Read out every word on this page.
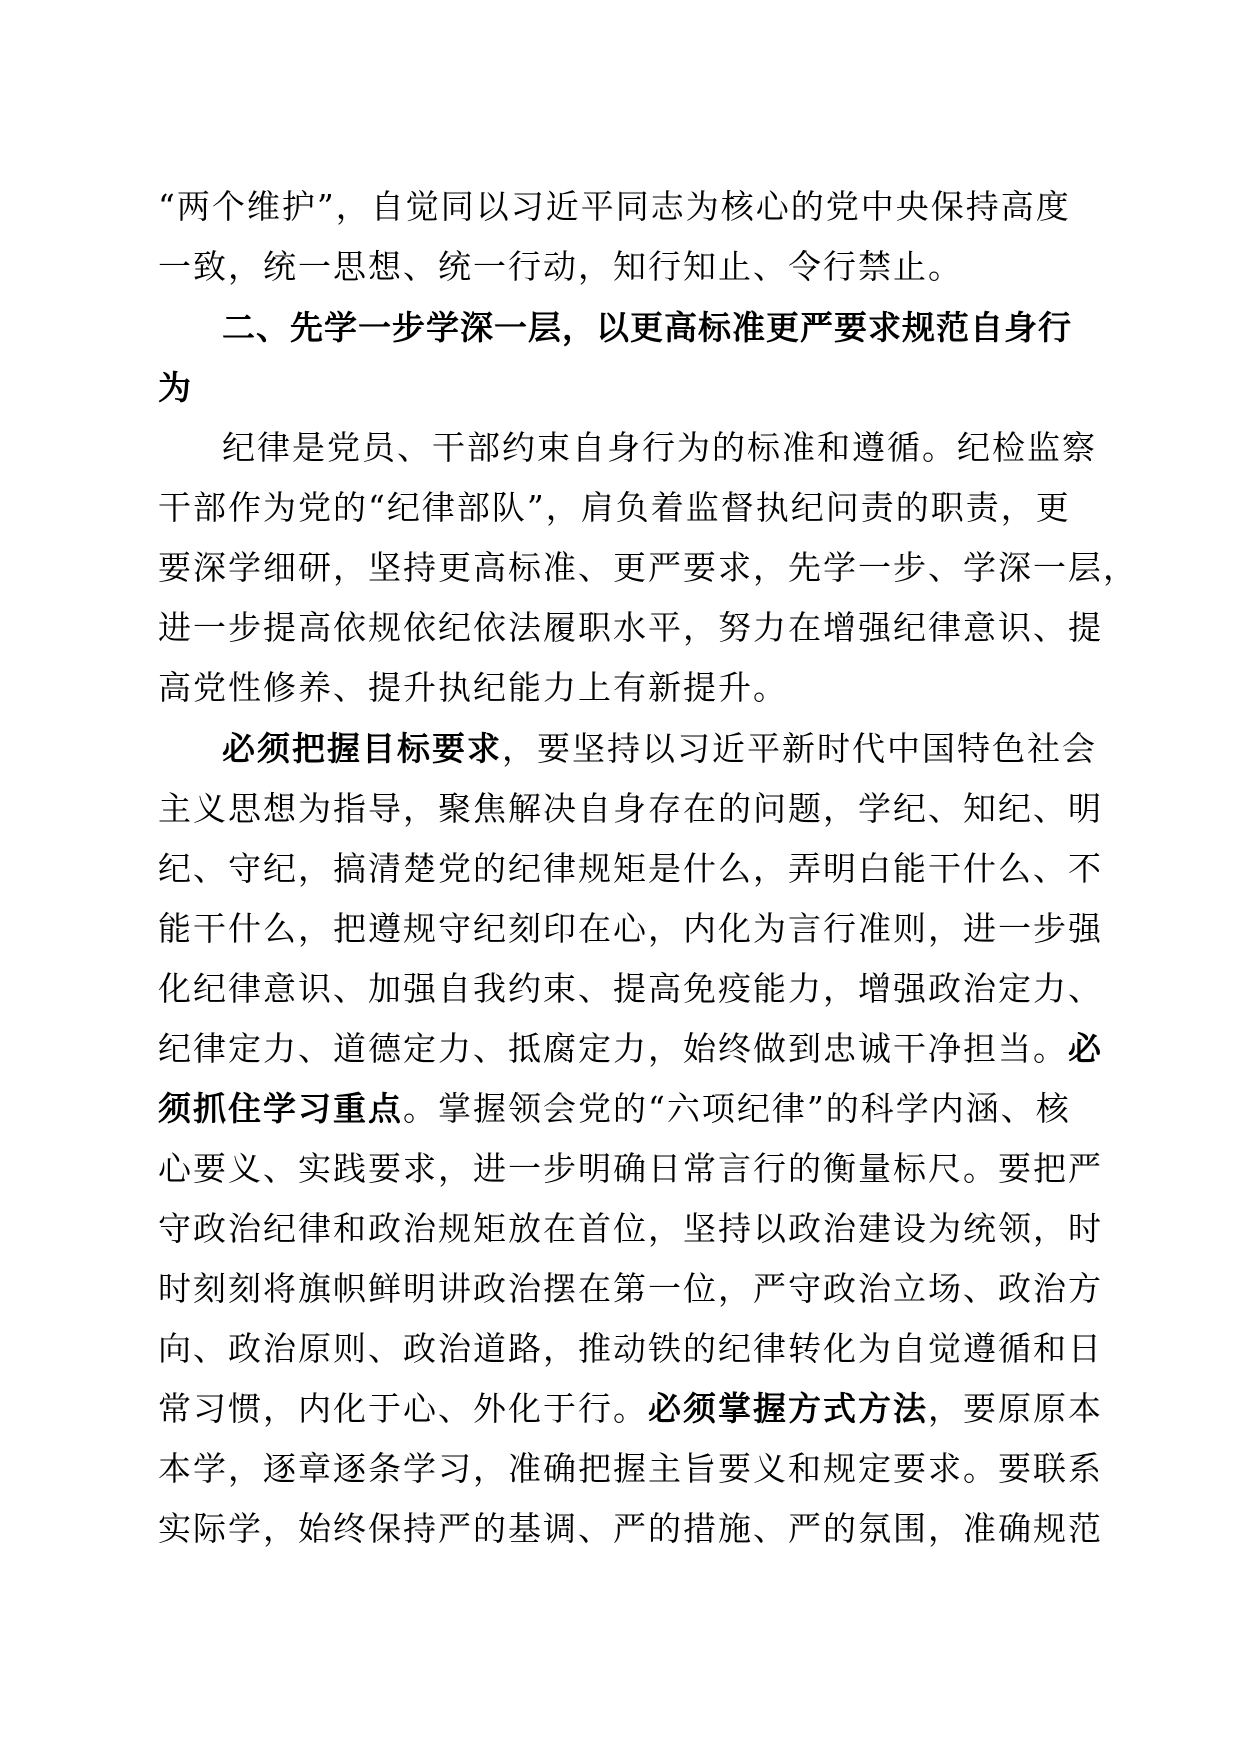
“两个维护”，自觉同以习近平同志为核心的党中央保持高度
一致，统一思想、统一行动，知行知止、令行禁止。
二、先学一步学深一层，以更高标准更严要求规范自身行
为
纪律是党员、干部约束自身行为的标准和遵循。纪检监察
干部作为党的“纪律部队”，肩负着监督执纪问责的职责，更
要深学细研，坚持更高标准、更严要求，先学一步、学深一层，
进一步提高依规依纪依法履职水平，努力在增强纪律意识、提
高党性修养、提升执纪能力上有新提升。
必须把握目标要求，要坚持以习近平新时代中国特色社会
主义思想为指导，聚焦解决自身存在的问题，学纪、知纪、明
纪、守纪，搞清楚党的纪律规矩是什么，弄明白能干什么、不
能干什么，把遵规守纪刻印在心，内化为言行准则，进一步强
化纪律意识、加强自我约束、提高免疫能力，增强政治定力、
纪律定力、道德定力、抵腐定力，始终做到忠诚干净担当。必
须抓住学习重点。掌握领会党的“六项纪律”的科学内涵、核
心要义、实践要求，进一步明确日常言行的衡量标尺。要把严
守政治纪律和政治规矩放在首位，坚持以政治建设为统领，时
时刻刻将旗帜鲜明讲政治摆在第一位，严守政治立场、政治方
向、政治原则、政治道路，推动铁的纪律转化为自觉遵循和日
常习惯，内化于心、外化于行。必须掌握方式方法，要原原本
本学，逐章逐条学习，准确把握主旨要义和规定要求。要联系
实际学，始终保持严的基调、严的措施、严的氛围，准确规范
